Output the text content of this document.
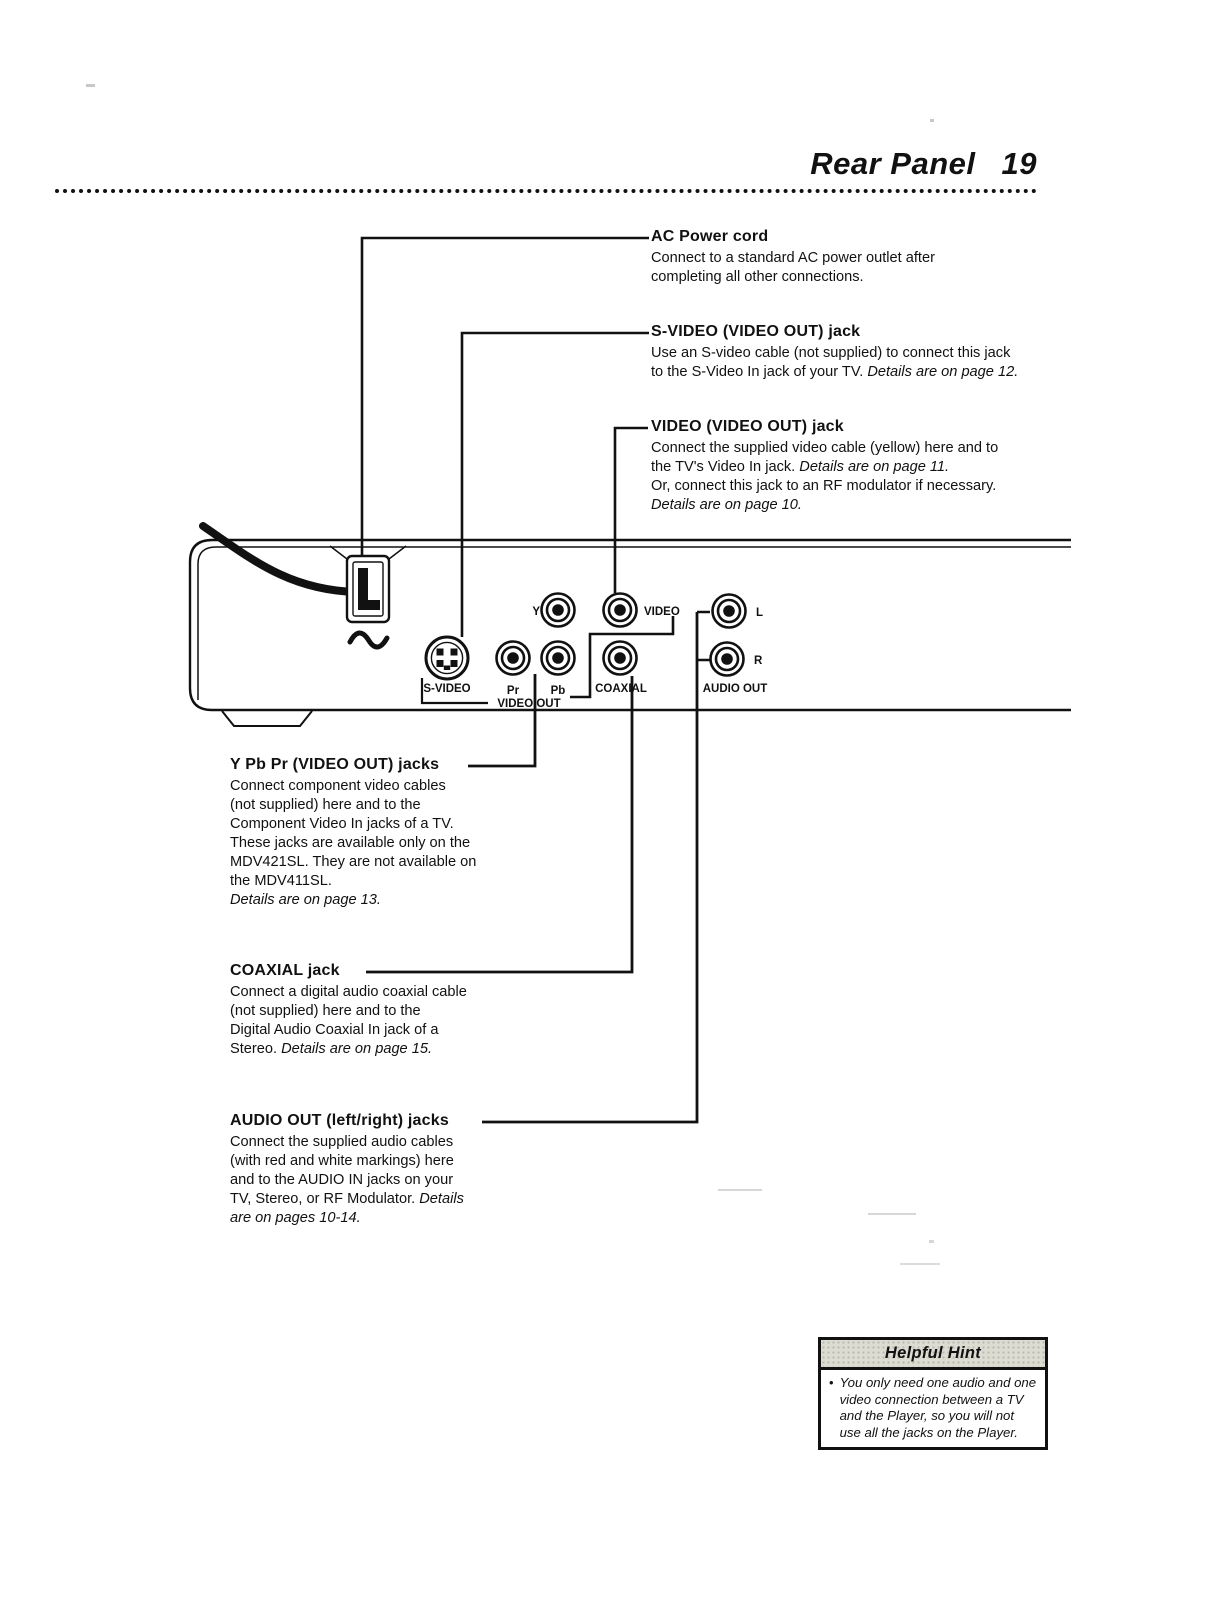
Rear Panel 19
Y	VIDEO
Pr	Pb
VIDEO OUT
S-VIDEO	COAXIAL
L
R
AUDIO OUT
AC Power cord
Connect to a standard AC power outlet after
completing all other connections.
S-VIDEO (VIDEO OUT) jack
Use an S-video cable (not supplied) to connect this jack
to the S-Video In jack of your TV. Details are on page 12.
VIDEO (VIDEO OUT) jack
Connect the supplied video cable (yellow) here and to
the TV's Video In jack. Details are on page 11.
Or, connect this jack to an RF modulator if necessary.
Details are on page 10.
Y Pb Pr (VIDEO OUT) jacks
Connect component video cables
(not supplied) here and to the
Component Video In jacks of a TV.
These jacks are available only on the
MDV421SL. They are not available on
the MDV411SL.
Details are on page 13.
COAXIAL jack
Connect a digital audio coaxial cable
(not supplied) here and to the
Digital Audio Coaxial In jack of a
Stereo. Details are on page 15.
AUDIO OUT (left/right) jacks
Connect the supplied audio cables
(with red and white markings) here
and to the AUDIO IN jacks on your
TV, Stereo, or RF Modulator. Details
are on pages 10-14.
Helpful Hint
• You only need one audio and one
video connection between a TV
and the Player, so you will not
use all the jacks on the Player.
